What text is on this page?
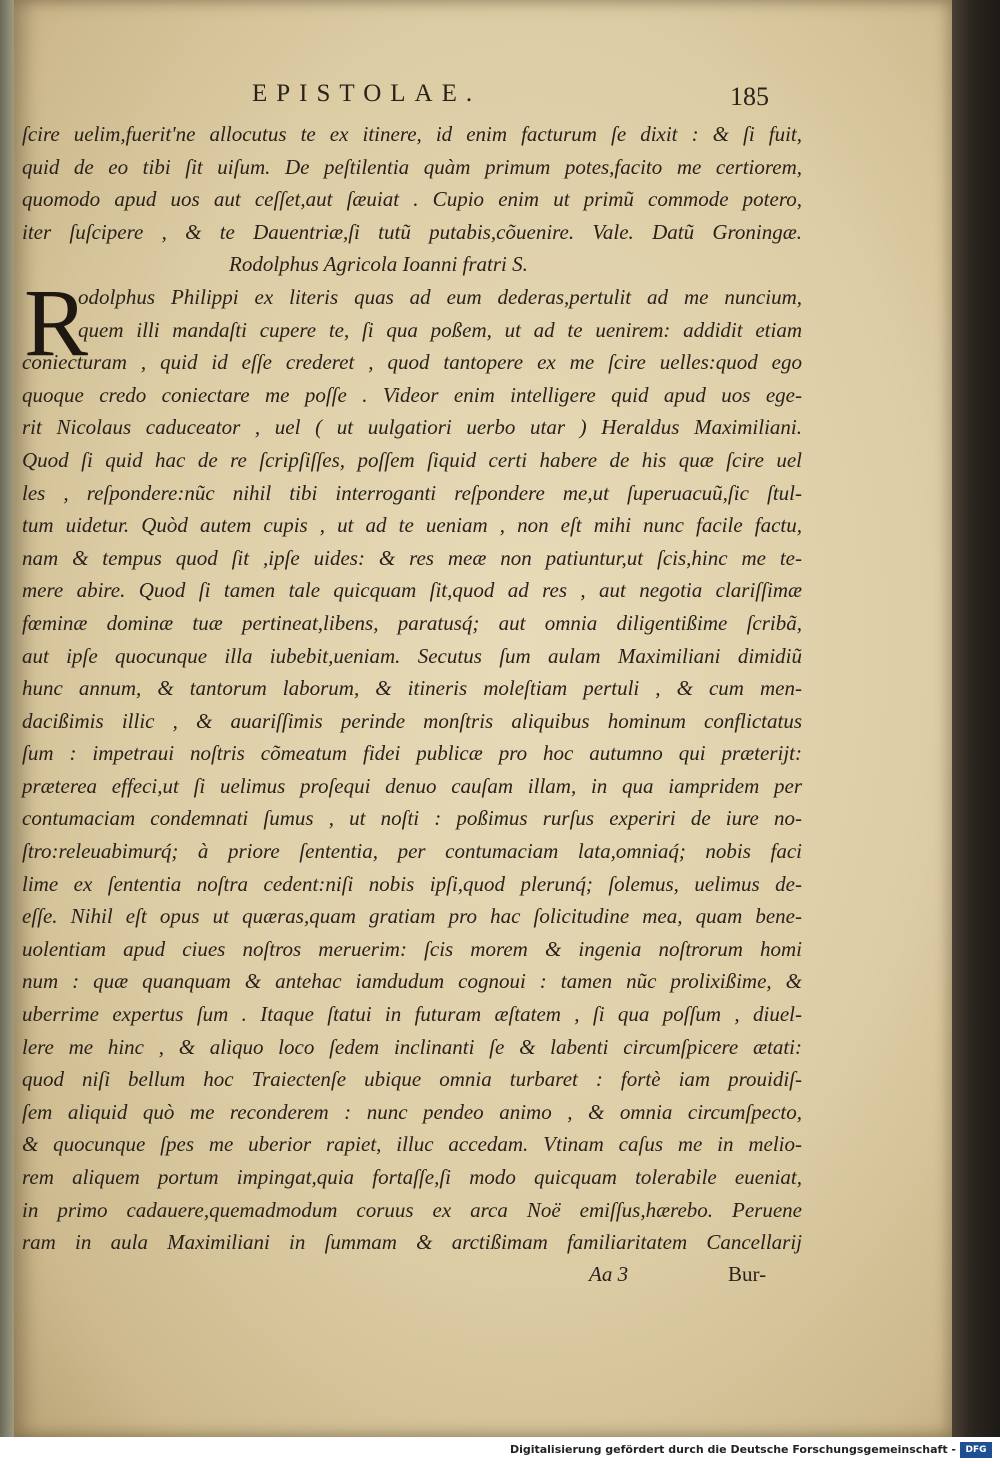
EPISTOLAE.	185
ſcire uelim,fuerit'ne allocutus te ex itinere, id enim facturum ſe dixit : & ſi fuit,
quid de eo tibi ſit uiſum. De peſtilentia quàm primum potes,facito me certiorem,
quomodo apud uos aut ceſſet,aut ſæuiat . Cupio enim ut primũ commode potero,
iter ſuſcipere , & te Dauentriæ,ſi tutũ putabis,cõuenire. Vale. Datũ Groningæ.
Rodolphus Agricola Ioanni fratri S.
R
odolphus Philippi ex literis quas ad eum dederas,pertulit ad me nuncium,
quem illi mandaſti cupere te, ſi qua poßem, ut ad te uenirem: addidit etiam
coniecturam , quid id eſſe crederet , quod tantopere ex me ſcire uelles:quod ego
quoque credo coniectare me poſſe . Videor enim intelligere quid apud uos ege-
rit Nicolaus caduceator , uel ( ut uulgatiori uerbo utar ) Heraldus Maximiliani.
Quod ſi quid hac de re ſcripſiſſes, poſſem ſiquid certi habere de his quæ ſcire uel
les , reſpondere:nũc nihil tibi interroganti reſpondere me,ut ſuperuacuũ,ſic ſtul-
tum uidetur. Quòd autem cupis , ut ad te ueniam , non eſt mihi nunc facile factu,
nam & tempus quod ſit ,ipſe uides: & res meæ non patiuntur,ut ſcis,hinc me te-
mere abire. Quod ſi tamen tale quicquam ſit,quod ad res , aut negotia clariſſimæ
fœminæ dominæ tuæ pertineat,libens, paratusq́; aut omnia diligentißime ſcribã,
aut ipſe quocunque illa iubebit,ueniam. Secutus ſum aulam Maximiliani dimidiũ
hunc annum, & tantorum laborum, & itineris moleſtiam pertuli , & cum men-
dacißimis illic , & auariſſimis perinde monſtris aliquibus hominum conflictatus
ſum : impetraui noſtris cõmeatum fidei publicæ pro hoc autumno qui præterijt:
præterea effeci,ut ſi uelimus proſequi denuo cauſam illam, in qua iampridem per
contumaciam condemnati ſumus , ut noſti : poßimus rurſus experiri de iure no-
ſtro:releuabimurq́; à priore ſententia, per contumaciam lata,omniaq́; nobis faci
lime ex ſententia noſtra cedent:niſi nobis ipſi,quod plerunq́; ſolemus, uelimus de-
eſſe. Nihil eſt opus ut quæras,quam gratiam pro hac ſolicitudine mea, quam bene-
uolentiam apud ciues noſtros meruerim: ſcis morem & ingenia noſtrorum homi
num : quæ quanquam & antehac iamdudum cognoui : tamen nũc prolixißime, &
uberrime expertus ſum . Itaque ſtatui in futuram æſtatem , ſi qua poſſum , diuel-
lere me hinc , & aliquo loco ſedem inclinanti ſe & labenti circumſpicere ætati:
quod niſi bellum hoc Traiectenſe ubique omnia turbaret : fortè iam prouidiſ-
ſem aliquid quò me reconderem : nunc pendeo animo , & omnia circumſpecto,
& quocunque ſpes me uberior rapiet, illuc accedam. Vtinam caſus me in melio-
rem aliquem portum impingat,quia fortaſſe,ſi modo quicquam tolerabile eueniat,
in primo cadauere,quemadmodum coruus ex arca Noë emiſſus,hærebo. Peruene
ram in aula Maximiliani in ſummam & arctißimam familiaritatem Cancellarij
Aa 3	Bur-
Digitalisierung gefördert durch die Deutsche Forschungsgemeinschaft -	DFG
